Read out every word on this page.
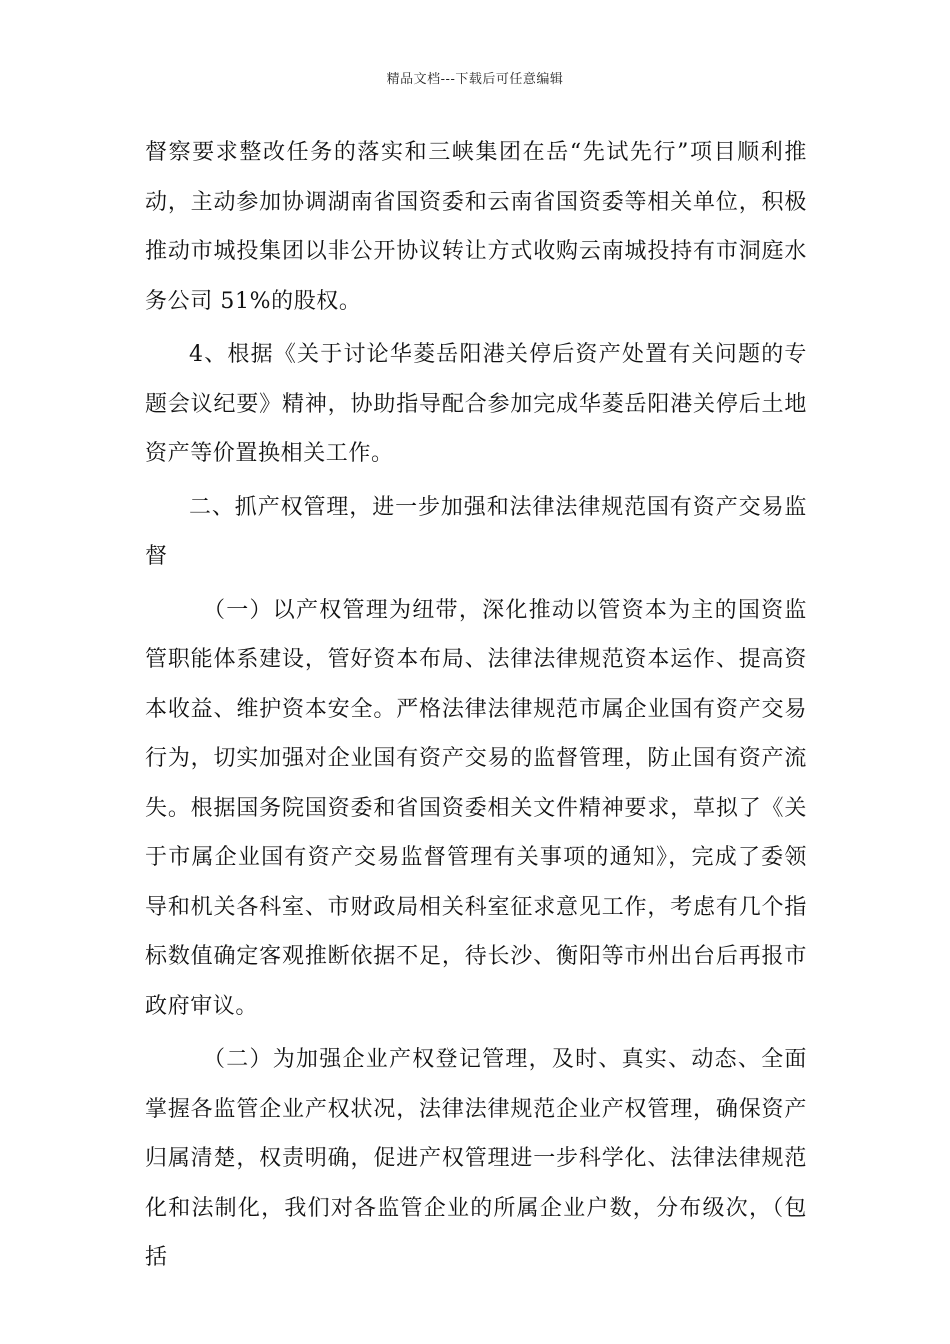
精品文档---下载后可任意编辑

督察要求整改任务的落实和三峡集团在岳“先试先行”项目顺利推动，主动参加协调湖南省国资委和云南省国资委等相关单位，积极推动市城投集团以非公开协议转让方式收购云南城投持有市洞庭水务公司 51%的股权。

4、根据《关于讨论华菱岳阳港关停后资产处置有关问题的专题会议纪要》精神，协助指导配合参加完成华菱岳阳港关停后土地资产等价置换相关工作。

二、抓产权管理，进一步加强和法律法律规范国有资产交易监督

（一）以产权管理为纽带，深化推动以管资本为主的国资监管职能体系建设，管好资本布局、法律法律规范资本运作、提高资本收益、维护资本安全。严格法律法律规范市属企业国有资产交易行为，切实加强对企业国有资产交易的监督管理，防止国有资产流失。根据国务院国资委和省国资委相关文件精神要求，草拟了《关于市属企业国有资产交易监督管理有关事项的通知》，完成了委领导和机关各科室、市财政局相关科室征求意见工作，考虑有几个指标数值确定客观推断依据不足，待长沙、衡阳等市州出台后再报市政府审议。

（二）为加强企业产权登记管理，及时、真实、动态、全面掌握各监管企业产权状况，法律法律规范企业产权管理，确保资产归属清楚，权责明确，促进产权管理进一步科学化、法律法律规范化和法制化，我们对各监管企业的所属企业户数，分布级次，（包括
